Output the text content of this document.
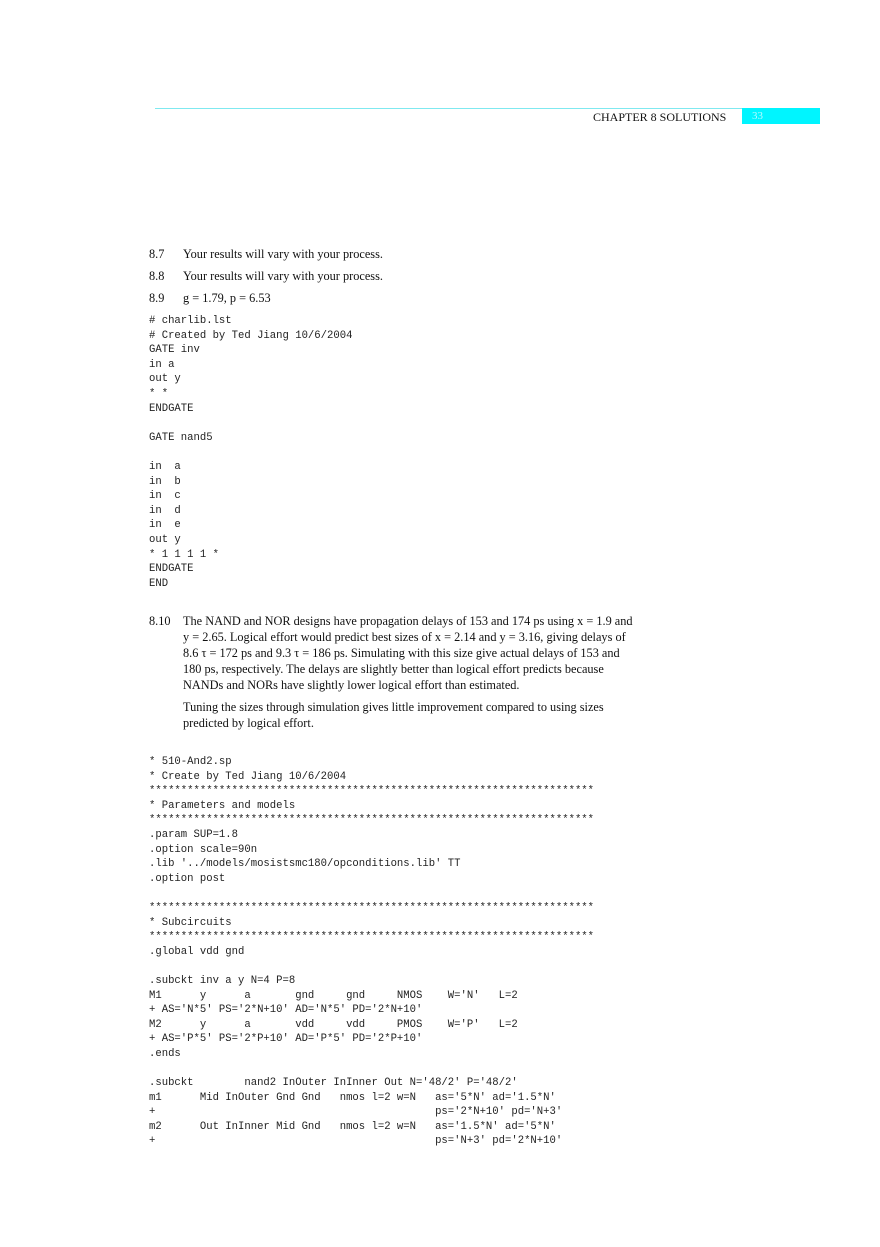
CHAPTER 8 SOLUTIONS	33
8.7 Your results will vary with your process.
8.8 Your results will vary with your process.
8.9 g = 1.79, p = 6.53
# charlib.lst
# Created by Ted Jiang 10/6/2004
GATE inv
in a
out y
* *
ENDGATE
GATE nand5
in  a
in  b
in  c
in  d
in  e
out y
* 1 1 1 1 *
ENDGATE
END
8.10 The NAND and NOR designs have propagation delays of 153 and 174 ps using x = 1.9 and y = 2.65. Logical effort would predict best sizes of x = 2.14 and y = 3.16, giving delays of 8.6 τ = 172 ps and 9.3 τ = 186 ps. Simulating with this size give actual delays of 153 and 180 ps, respectively. The delays are slightly better than logical effort predicts because NANDs and NORs have slightly lower logical effort than estimated.

Tuning the sizes through simulation gives little improvement compared to using sizes predicted by logical effort.

* 510-And2.sp
* Create by Ted Jiang 10/6/2004
**********************************************************************
* Parameters and models
**********************************************************************
.param SUP=1.8
.option scale=90n
.lib '../models/mosistsmc180/opconditions.lib' TT
.option post
**********************************************************************
* Subcircuits
**********************************************************************
.global vdd gnd
.subckt inv a y N=4 P=8
M1      y      a       gnd     gnd     NMOS    W='N'   L=2
+ AS='N*5' PS='2*N+10' AD='N*5' PD='2*N+10'
M2      y      a       vdd     vdd     PMOS    W='P'   L=2
+ AS='P*5' PS='2*P+10' AD='P*5' PD='2*P+10'
.ends
.subckt        nand2 InOuter InInner Out N='48/2' P='48/2'
m1      Mid InOuter Gnd Gnd   nmos l=2 w=N   as='5*N' ad='1.5*N'
+                                            ps='2*N+10' pd='N+3'
m2      Out InInner Mid Gnd   nmos l=2 w=N   as='1.5*N' ad='5*N'
+                                            ps='N+3' pd='2*N+10'
